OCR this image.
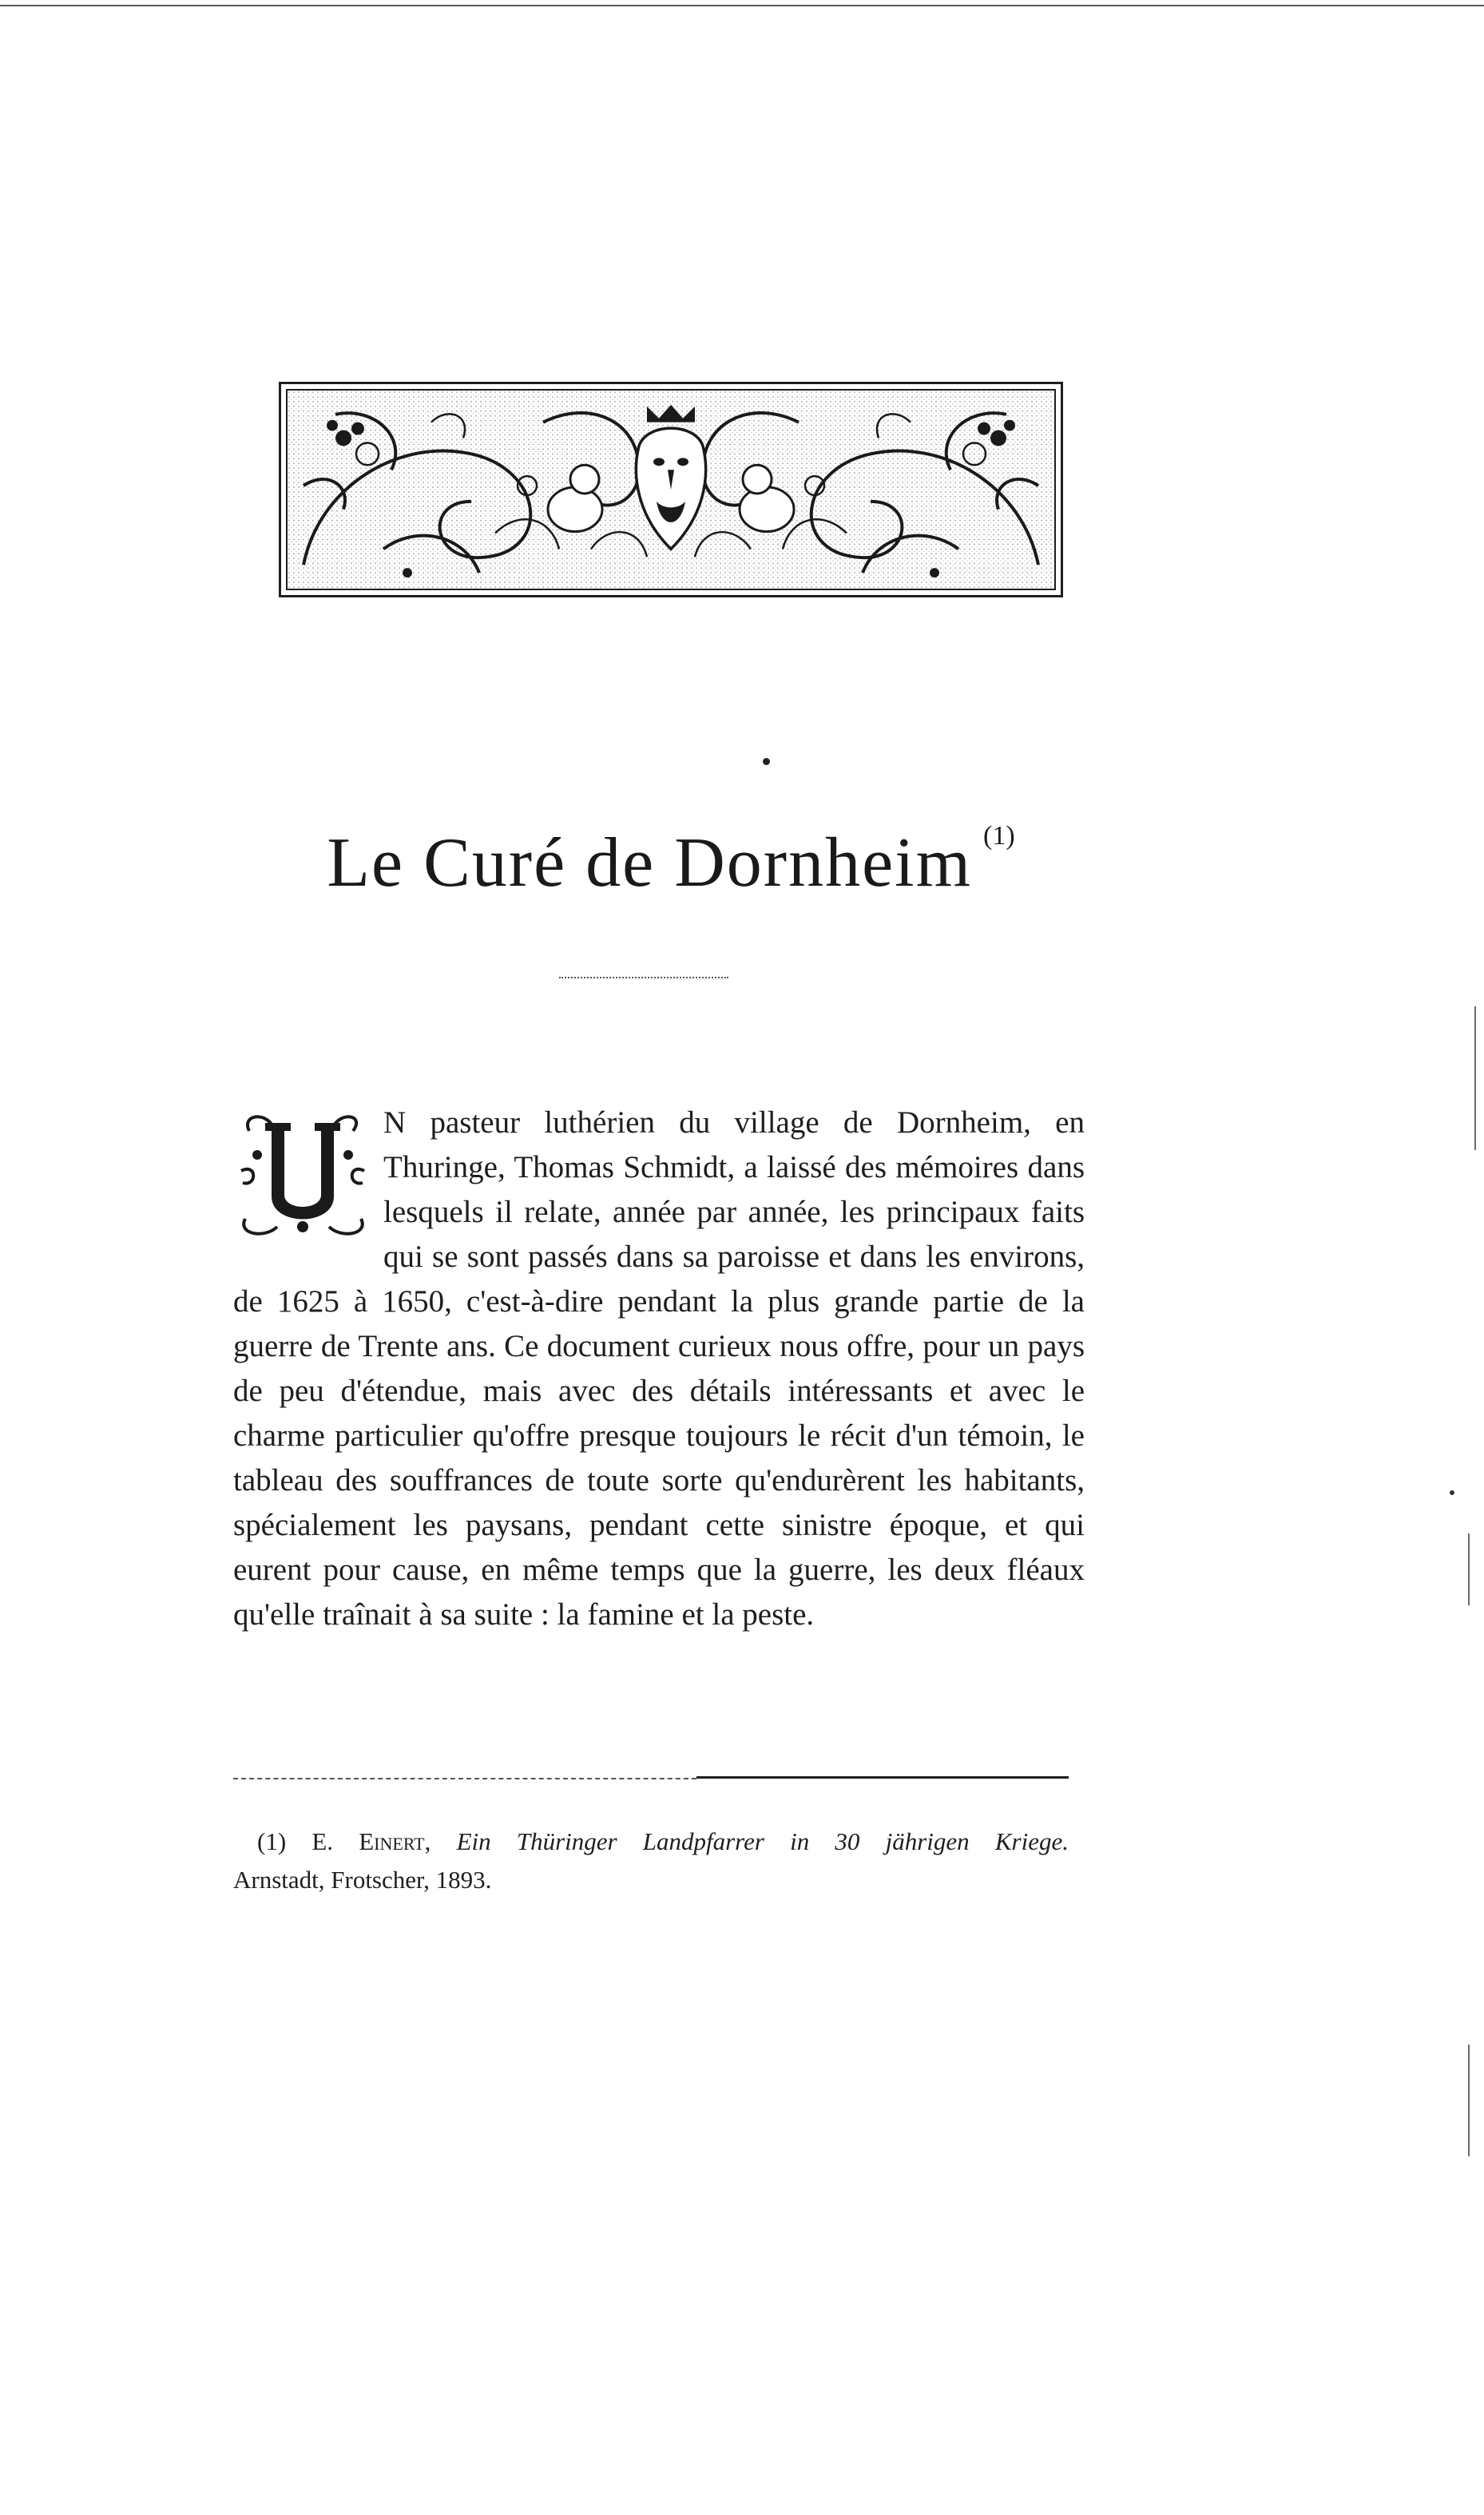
Le Curé de Dornheim (1)
N pasteur luthérien du village de Dornheim, en Thuringe, Thomas Schmidt, a laissé des mémoires dans lesquels il relate, année par année, les principaux faits qui se sont passés dans sa paroisse et dans les environs, de 1625 à 1650, c'est-à-dire pendant la plus grande partie de la guerre de Trente ans. Ce document curieux nous offre, pour un pays de peu d'étendue, mais avec des détails intéressants et avec le charme particulier qu'offre presque toujours le récit d'un témoin, le tableau des souffrances de toute sorte qu'endurèrent les habitants, spécialement les paysans, pendant cette sinistre époque, et qui eurent pour cause, en même temps que la guerre, les deux fléaux qu'elle traînait à sa suite : la famine et la peste.
(1) E. Einert, Ein Thüringer Landpfarrer in 30 jährigen Kriege.
Arnstadt, Frotscher, 1893.
